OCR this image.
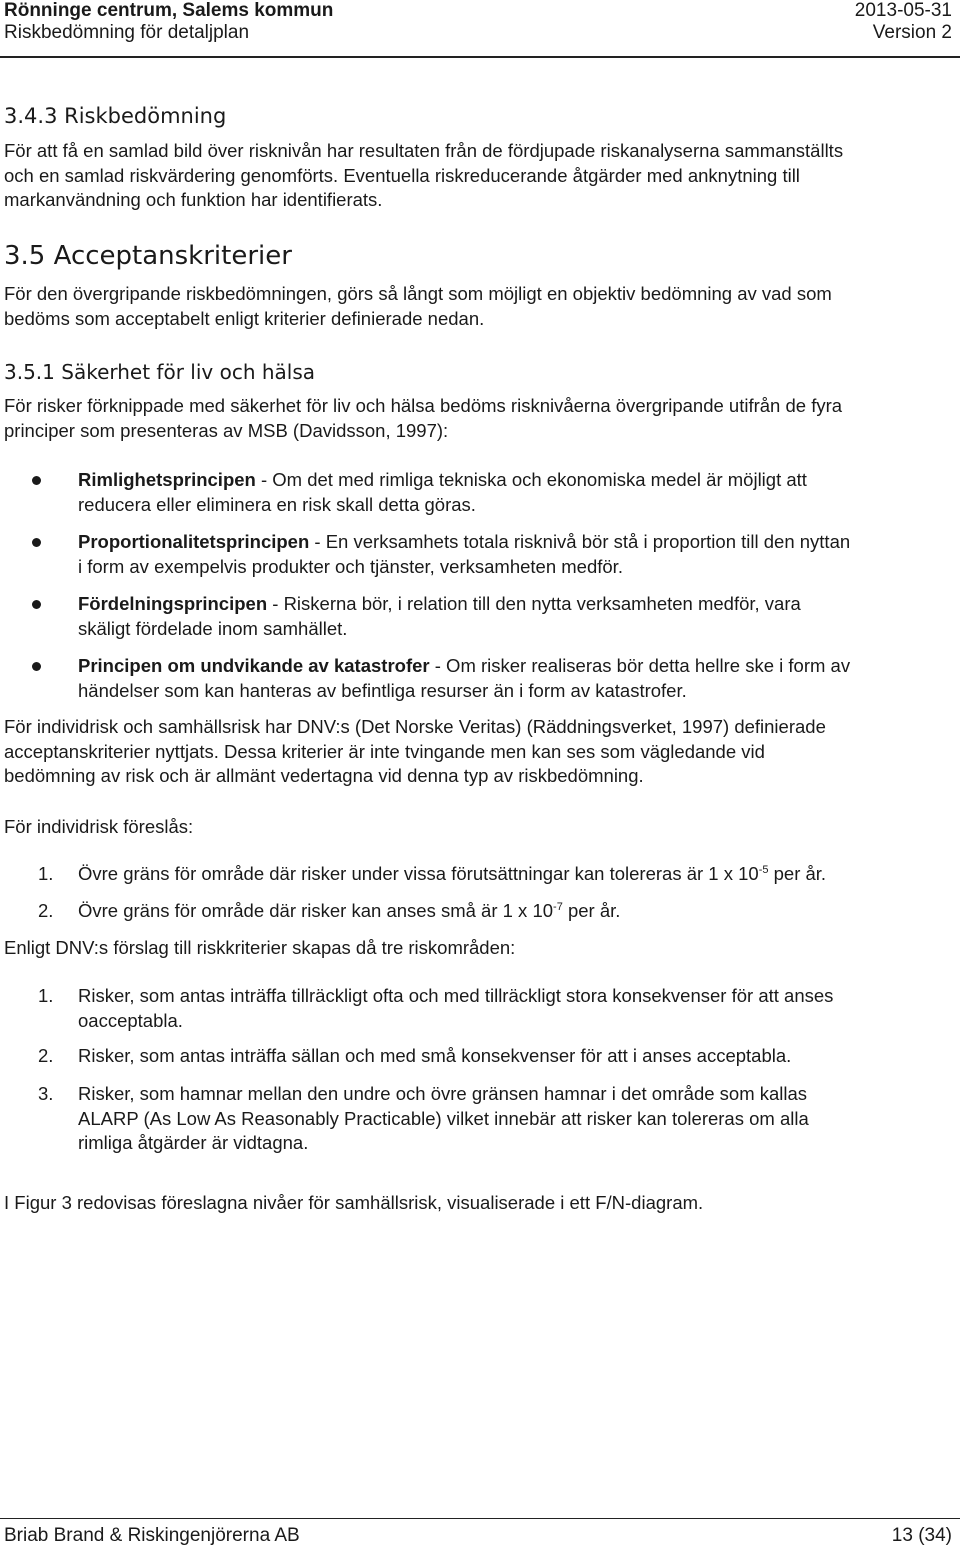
Rönninge centrum, Salems kommun	2013-05-31
Riskbedömning för detaljplan	Version 2
3.4.3 Riskbedömning
För att få en samlad bild över risknivån har resultaten från de fördjupade riskanalyserna sammanställts
och en samlad riskvärdering genomförts. Eventuella riskreducerande åtgärder med anknytning till
markanvändning och funktion har identifierats.
3.5 Acceptanskriterier
För den övergripande riskbedömningen, görs så långt som möjligt en objektiv bedömning av vad som
bedöms som acceptabelt enligt kriterier definierade nedan.
3.5.1 Säkerhet för liv och hälsa
För risker förknippade med säkerhet för liv och hälsa bedöms risknivåerna övergripande utifrån de fyra
principer som presenteras av MSB (Davidsson, 1997):
Rimlighetsprincipen - Om det med rimliga tekniska och ekonomiska medel är möjligt att
reducera eller eliminera en risk skall detta göras.
Proportionalitetsprincipen - En verksamhets totala risknivå bör stå i proportion till den nyttan
i form av exempelvis produkter och tjänster, verksamheten medför.
Fördelningsprincipen - Riskerna bör, i relation till den nytta verksamheten medför, vara
skäligt fördelade inom samhället.
Principen om undvikande av katastrofer - Om risker realiseras bör detta hellre ske i form av
händelser som kan hanteras av befintliga resurser än i form av katastrofer.
För individrisk och samhällsrisk har DNV:s (Det Norske Veritas) (Räddningsverket, 1997) definierade
acceptanskriterier nyttjats. Dessa kriterier är inte tvingande men kan ses som vägledande vid
bedömning av risk och är allmänt vedertagna vid denna typ av riskbedömning.
För individrisk föreslås:
1. Övre gräns för område där risker under vissa förutsättningar kan tolereras är 1 x $10^{-5}$ per år.
2. Övre gräns för område där risker kan anses små är 1 x $10^{-7}$ per år.
Enligt DNV:s förslag till riskkriterier skapas då tre riskområden:
1. Risker, som antas inträffa tillräckligt ofta och med tillräckligt stora konsekvenser för att anses
oacceptabla.
2. Risker, som antas inträffa sällan och med små konsekvenser för att i anses acceptabla.
3. Risker, som hamnar mellan den undre och övre gränsen hamnar i det område som kallas
ALARP (As Low As Reasonably Practicable) vilket innebär att risker kan tolereras om alla
rimliga åtgärder är vidtagna.
I Figur 3 redovisas föreslagna nivåer för samhällsrisk, visualiserade i ett F/N-diagram.
Briab Brand & Riskingenjörerna AB	13 (34)
